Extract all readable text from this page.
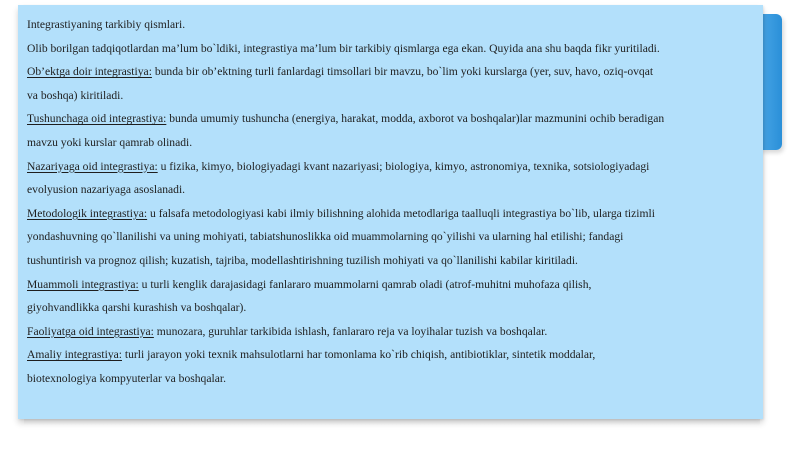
Integrastiyaning tarkibiy qismlari.
Olib borilgan tadqiqotlardan ma’lum bo`ldiki, integrastiya ma’lum bir tarkibiy qismlarga ega ekan. Quyida ana shu baqda fikr yuritiladi.
Ob’ektga doir integrastiya: bunda bir ob’ektning turli fanlardagi timsollari bir mavzu, bo`lim yoki kurslarga (yer, suv, havo, oziq-ovqat
va boshqa) kiritiladi.
Tushunchaga oid integrastiya: bunda umumiy tushuncha (energiya, harakat, modda, axborot va boshqalar)lar mazmunini ochib beradigan
mavzu yoki kurslar qamrab olinadi.
Nazariyaga oid integrastiya: u fizika, kimyo, biologiyadagi kvant nazariyasi; biologiya, kimyo, astronomiya, texnika, sotsiologiyadagi
evolyusion nazariyaga asoslanadi.
Metodologik integrastiya: u falsafa metodologiyasi kabi ilmiy bilishning alohida metodlariga taalluqli integrastiya bo`lib, ularga tizimli
yondashuvning qo`llanilishi va uning mohiyati, tabiatshunoslikka oid muammolarning qo`yilishi va ularning hal etilishi; fandagi
tushuntirish va prognoz qilish; kuzatish, tajriba, modellashtirishning tuzilish mohiyati va qo`llanilishi kabilar kiritiladi.
Muammoli integrastiya: u turli kenglik darajasidagi fanlararo muammolarni qamrab oladi (atrof-muhitni muhofaza qilish,
giyohvandlikka qarshi kurashish va boshqalar).
Faoliyatga oid integrastiya: munozara, guruhlar tarkibida ishlash, fanlararo reja va loyihalar tuzish va boshqalar.
Amaliy integrastiya: turli jarayon yoki texnik mahsulotlarni har tomonlama ko`rib chiqish, antibiotiklar, sintetik moddalar,
biotexnologiya kompyuterlar va boshqalar.
